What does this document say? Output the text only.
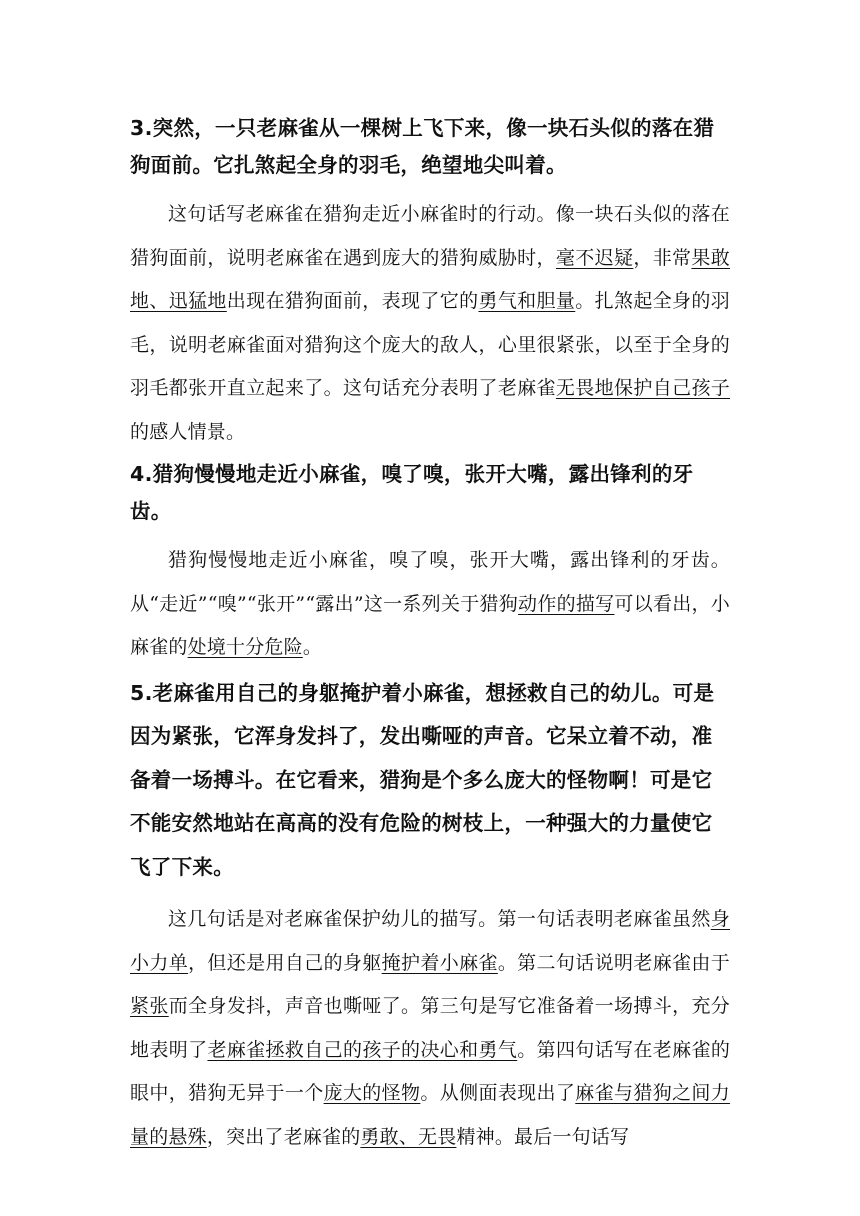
3.突然，一只老麻雀从一棵树上飞下来，像一块石头似的落在猎狗面前。它扎煞起全身的羽毛，绝望地尖叫着。

这句话写老麻雀在猎狗走近小麻雀时的行动。像一块石头似的落在猎狗面前，说明老麻雀在遇到庞大的猎狗威胁时，毫不迟疑，非常果敢地、迅猛地出现在猎狗面前，表现了它的勇气和胆量。扎煞起全身的羽毛，说明老麻雀面对猎狗这个庞大的敌人，心里很紧张，以至于全身的羽毛都张开直立起来了。这句话充分表明了老麻雀无畏地保护自己孩子的感人情景。

4.猎狗慢慢地走近小麻雀，嗅了嗅，张开大嘴，露出锋利的牙齿。

猎狗慢慢地走近小麻雀，嗅了嗅，张开大嘴，露出锋利的牙齿。从“走近”“嗅”“张开”“露出”这一系列关于猎狗动作的描写可以看出，小麻雀的处境十分危险。

5.老麻雀用自己的身躯掩护着小麻雀，想拯救自己的幼儿。可是因为紧张，它浑身发抖了，发出嘶哑的声音。它呆立着不动，准备着一场搏斗。在它看来，猎狗是个多么庞大的怪物啊！可是它不能安然地站在高高的没有危险的树枝上，一种强大的力量使它飞了下来。

这几句话是对老麻雀保护幼儿的描写。第一句话表明老麻雀虽然身小力单，但还是用自己的身躯掩护着小麻雀。第二句话说明老麻雀由于紧张而全身发抖，声音也嘶哑了。第三句是写它准备着一场搏斗，充分地表明了老麻雀拯救自己的孩子的决心和勇气。第四句话写在老麻雀的眼中，猎狗无异于一个庞大的怪物。从侧面表现出了麻雀与猎狗之间力量的悬殊，突出了老麻雀的勇敢、无畏精神。最后一句话写
